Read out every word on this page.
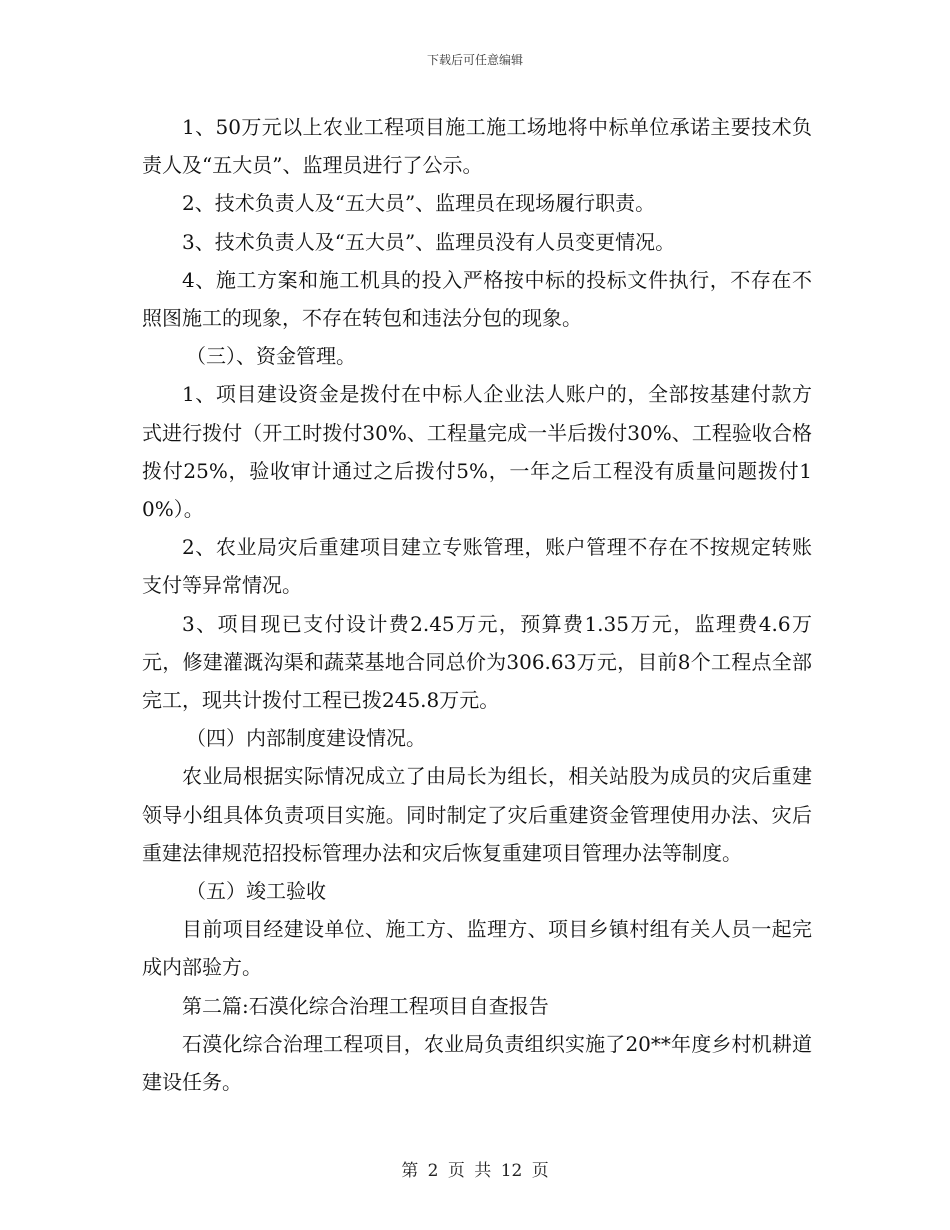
下载后可任意编辑

1、50万元以上农业工程项目施工施工场地将中标单位承诺主要技术负责人及“五大员”、监理员进行了公示。

2、技术负责人及“五大员”、监理员在现场履行职责。

3、技术负责人及“五大员”、监理员没有人员变更情况。

4、施工方案和施工机具的投入严格按中标的投标文件执行，不存在不照图施工的现象，不存在转包和违法分包的现象。

（三）、资金管理。

1、项目建设资金是拨付在中标人企业法人账户的，全部按基建付款方式进行拨付（开工时拨付30%、工程量完成一半后拨付30%、工程验收合格拨付25%，验收审计通过之后拨付5%，一年之后工程没有质量问题拨付10%）。

2、农业局灾后重建项目建立专账管理，账户管理不存在不按规定转账支付等异常情况。

3、项目现已支付设计费2.45万元，预算费1.35万元，监理费4.6万元，修建灌溉沟渠和蔬菜基地合同总价为306.63万元，目前8个工程点全部完工，现共计拨付工程已拨245.8万元。

（四）内部制度建设情况。

农业局根据实际情况成立了由局长为组长，相关站股为成员的灾后重建领导小组具体负责项目实施。同时制定了灾后重建资金管理使用办法、灾后重建法律规范招投标管理办法和灾后恢复重建项目管理办法等制度。

（五）竣工验收

目前项目经建设单位、施工方、监理方、项目乡镇村组有关人员一起完成内部验方。

第二篇:石漠化综合治理工程项目自查报告

石漠化综合治理工程项目，农业局负责组织实施了20**年度乡村机耕道建设任务。

第 2 页 共 12 页
